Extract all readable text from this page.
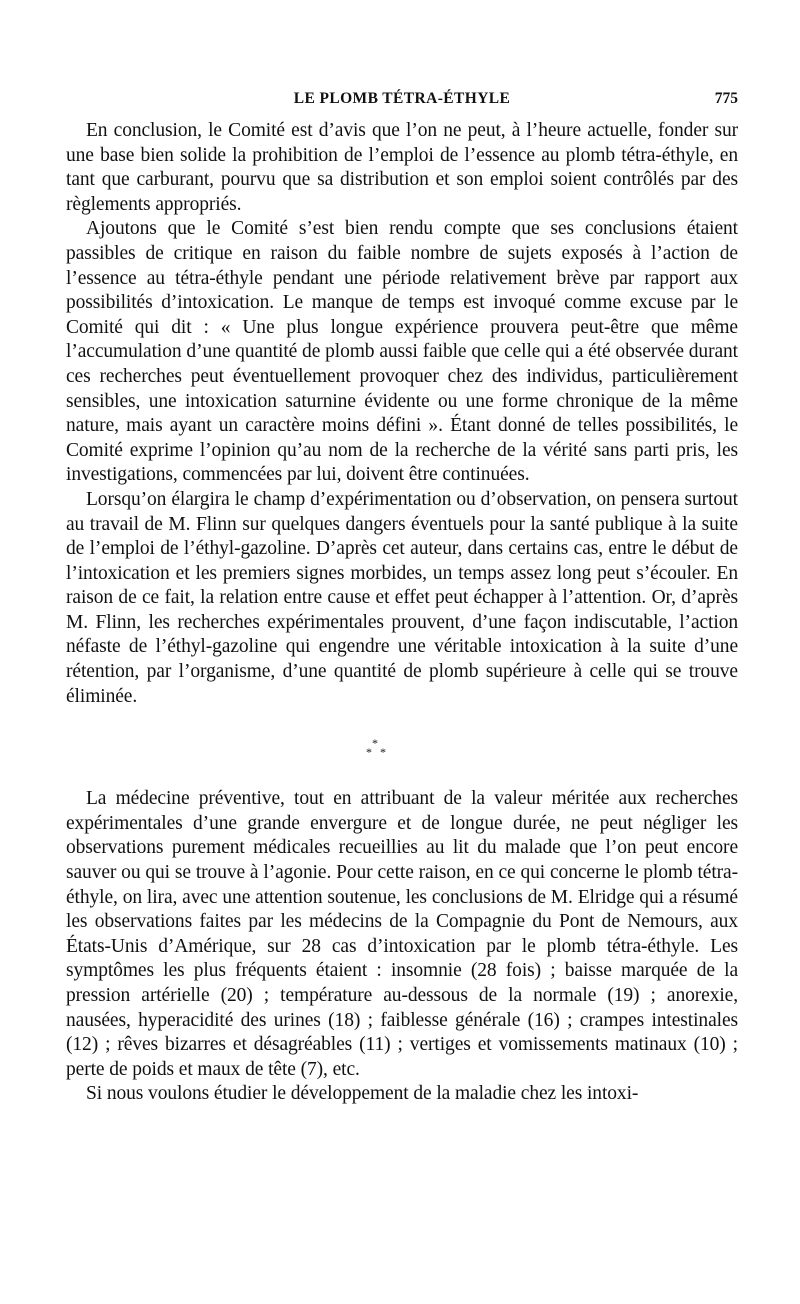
LE PLOMB TÉTRA-ÉTHYLE	775

En conclusion, le Comité est d’avis que l’on ne peut, à l’heure actuelle, fonder sur une base bien solide la prohibition de l’emploi de l’essence au plomb tétra-éthyle, en tant que carburant, pourvu que sa distribution et son emploi soient contrôlés par des règlements appropriés.

Ajoutons que le Comité s’est bien rendu compte que ses conclusions étaient passibles de critique en raison du faible nombre de sujets exposés à l’action de l’essence au tétra-éthyle pendant une période relativement brève par rapport aux possibilités d’intoxication. Le manque de temps est invoqué comme excuse par le Comité qui dit : « Une plus longue expérience prouvera peut-être que même l’accumulation d’une quantité de plomb aussi faible que celle qui a été observée durant ces recherches peut éventuellement provoquer chez des individus, particulièrement sensibles, une intoxication saturnine évidente ou une forme chronique de la même nature, mais ayant un caractère moins défini ». Étant donné de telles possibilités, le Comité exprime l’opinion qu’au nom de la recherche de la vérité sans parti pris, les investigations, commencées par lui, doivent être continuées.

Lorsqu’on élargira le champ d’expérimentation ou d’observation, on pensera surtout au travail de M. Flinn sur quelques dangers éventuels pour la santé publique à la suite de l’emploi de l’éthyl-gazoline. D’après cet auteur, dans certains cas, entre le début de l’intoxication et les premiers signes morbides, un temps assez long peut s’écouler. En raison de ce fait, la relation entre cause et effet peut échapper à l’attention. Or, d’après M. Flinn, les recherches expérimentales prouvent, d’une façon indiscutable, l’action néfaste de l’éthyl-gazoline qui engendre une véritable intoxication à la suite d’une rétention, par l’organisme, d’une quantité de plomb supérieure à celle qui se trouve éliminée.

*
* *

La médecine préventive, tout en attribuant de la valeur méritée aux recherches expérimentales d’une grande envergure et de longue durée, ne peut négliger les observations purement médicales recueillies au lit du malade que l’on peut encore sauver ou qui se trouve à l’agonie. Pour cette raison, en ce qui concerne le plomb tétra-éthyle, on lira, avec une attention soutenue, les conclusions de M. Elridge qui a résumé les observations faites par les médecins de la Compagnie du Pont de Nemours, aux États-Unis d’Amérique, sur 28 cas d’intoxication par le plomb tétra-éthyle. Les symptômes les plus fréquents étaient : insomnie (28 fois) ; baisse marquée de la pression artérielle (20) ; température au-dessous de la normale (19) ; anorexie, nausées, hyperacidité des urines (18) ; faiblesse générale (16) ; crampes intestinales (12) ; rêves bizarres et désagréables (11) ; vertiges et vomissements matinaux (10) ; perte de poids et maux de tête (7), etc.

Si nous voulons étudier le développement de la maladie chez les intoxi-
